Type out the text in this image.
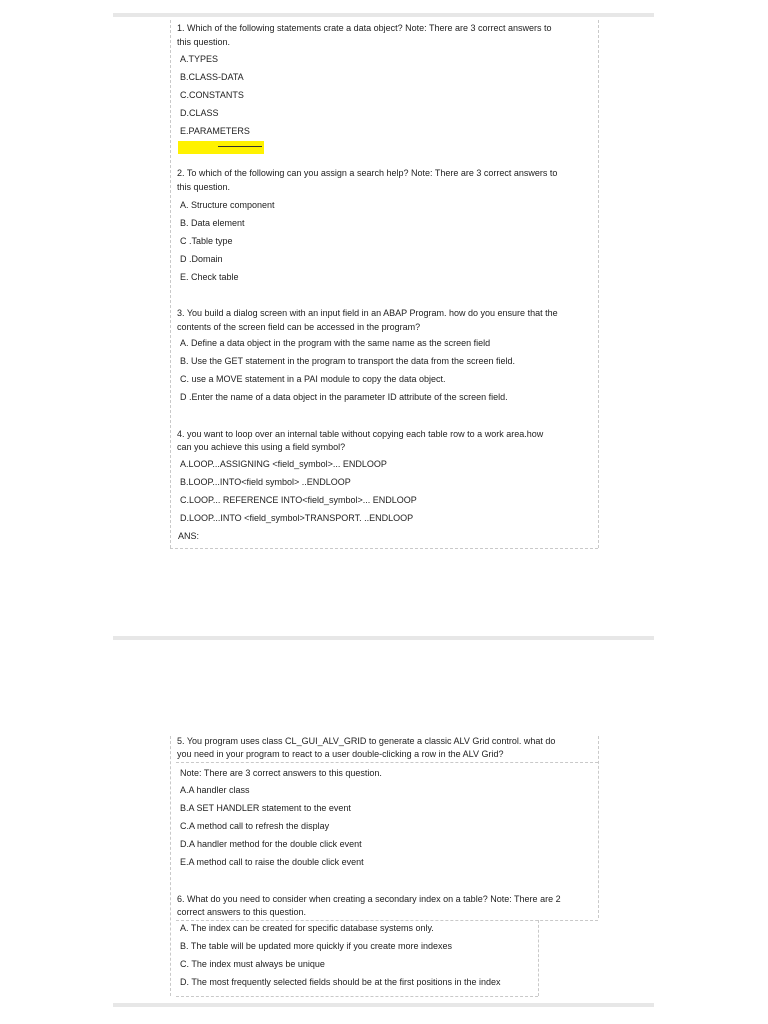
1. Which of the following statements crate a data object? Note: There are 3 correct answers to
this question.
A.TYPES
B.CLASS-DATA
C.CONSTANTS
D.CLASS
E.PARAMETERS
2. To which of the following can you assign a search help? Note: There are 3 correct answers to
this question.
A. Structure component
B. Data element
C .Table type
D .Domain
E. Check table
3. You build a dialog screen with an input field in an ABAP Program. how do you ensure that the
contents of the screen field can be accessed in the program?
A. Define a data object in the program with the same name as the screen field
B. Use the GET statement in the program to transport the data from the screen field.
C. use a MOVE statement in a PAI module to copy the data object.
D .Enter the name of a data object in the parameter ID attribute of the screen field.
4. you want to loop over an internal table without copying each table row to a work area.how
can you achieve this using a field symbol?
A.LOOP...ASSIGNING <field_symbol>... ENDLOOP
B.LOOP...INTO<field symbol> ..ENDLOOP
C.LOOP... REFERENCE INTO<field_symbol>... ENDLOOP
D.LOOP...INTO <field_symbol>TRANSPORT. ..ENDLOOP
ANS:
5. You program uses class CL_GUI_ALV_GRID to generate a classic ALV Grid control. what do
you need in your program to react to a user double-clicking a row in the ALV Grid?
Note: There are 3 correct answers to this question.
A.A handler class
B.A SET HANDLER statement to the event
C.A method call to refresh the display
D.A handler method for the double click event
E.A method call to raise the double click event
6. What do you need to consider when creating a secondary index on a table? Note: There are 2
correct answers to this question.
A. The index can be created for specific database systems only.
B. The table will be updated more quickly if you create more indexes
C. The index must always be unique
D. The most frequently selected fields should be at the first positions in the index
